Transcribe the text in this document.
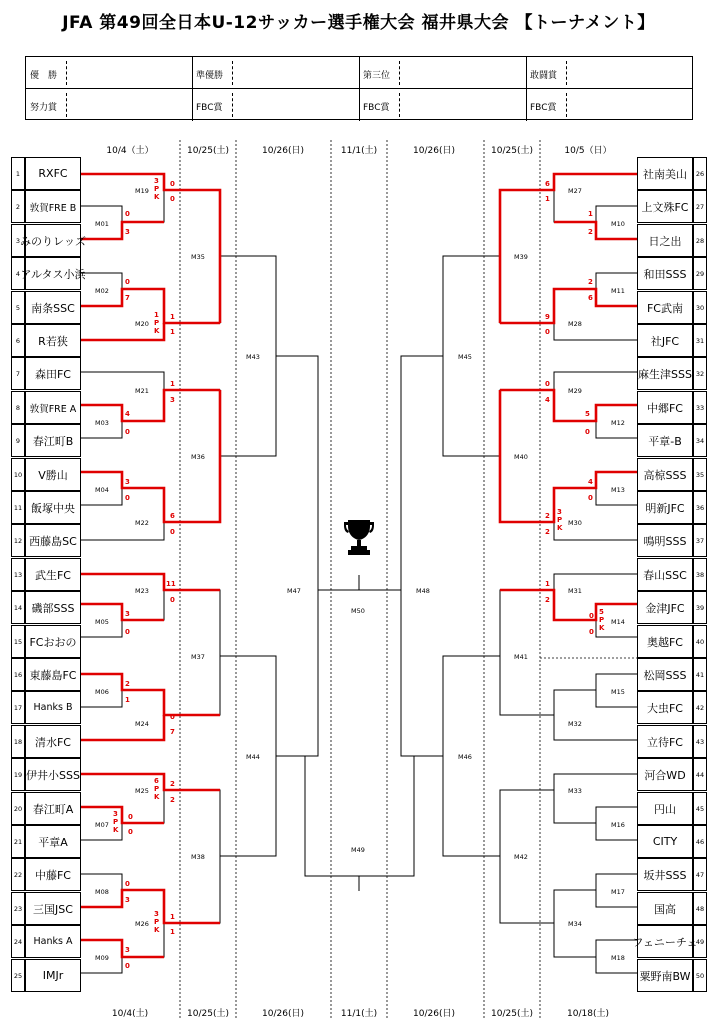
JFA 第49回全日本U-12サッカー選手権大会 福井県大会 【トーナメント】
優　勝	準優勝	第三位	敢闘賞
努力賞	FBC賞	FBC賞	FBC賞
10/4（土）	10/25(土)	10/26(日)	11/1(土)	10/26(日)	10/25(土)	10/5（日）
10/4(土)	10/25(土)	10/26(日)	11/1(土)	10/26(日)	10/25(土)	10/18(土)
M01
M02
M03
M04
M05
M06
M07
M08
M09
M10
M11
M12
M13
M14
M15
M16
M17
M18
M19
M20
M21
M22
M23
M24
M25
M26
M27
M28
M29
M30
M31
M32
M33
M34
M35
M36
M37
M38
M39
M40
M41
M42
M43
M44
M45
M46
M47	M48
M50
M49
0
3
3
P
K
0
0
0
7
1
P
K
1
1
1
3
4
0
3
0
6
0
11
0
3
0
2
1
0
7
6
P
K
2
2
3
P
K
0
0
0
3
3
P
K
1
1
3
0
6
1
1
2
2
6
9
0
0
4
5
0
4
0
2 3
P
K
2
1
2
0 5
P
K
0
1	RXFC
2	敦賀FRE B
3 みのりレッズ
4 アルタス小浜
5	南条SSC
6	R若狭
7	森田FC
8	敦賀FRE A
9	春江町B
10	V勝山
11 飯塚中央
12 西藤島SC
13	武生FC
14 磯部SSS
15 FCおおの
16 東藤島FC
17	Hanks B
18	清水FC
19 伊井小SSS
20 春江町A
21	平章A
22	中藤FC
23 三国JSC
24	Hanks A
25	IMJr
26
社南美山
27
上文殊FC
28
日之出
29
和田SSS
30
FC武南
31
社JFC
32
麻生津SSS
33
中郷FC
34
平章-B
35
高椋SSS
36
明新JFC
37
鳴明SSS
38
春山SSC
39
金津JFC
40
奥越FC
41
松岡SSS
42
大虫FC
43
立待FC
44
河合WD
45
円山
46
CITY
47
坂井SSS
48
国高
49
フェニーチェ
50
粟野南BW
